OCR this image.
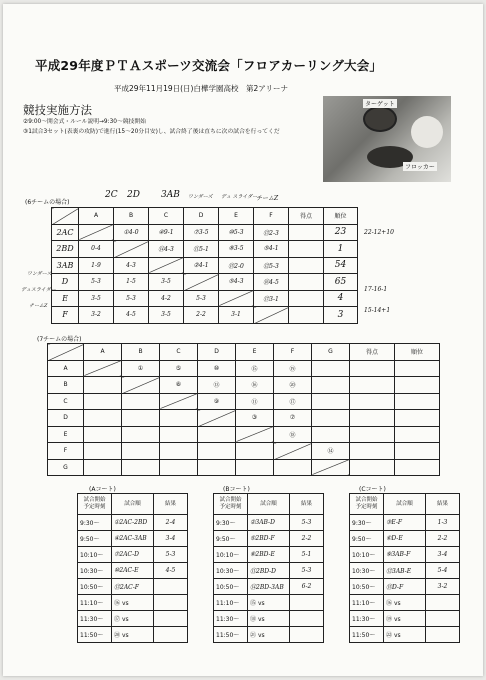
平成29年度ＰＴＡスポーツ交流会「フロアカーリング大会」
平成29年11月19日(日)白樺学園高校　第2アリーナ
競技実施方法
②9:00～開会式・ルール説明→9:30～競技開始
③1試合3セット(表裏の攻防)で進行(15～20分目安)し、試合終了後は直ちに次の試合を行ってくだ
ターゲット
フロッカー
(6チームの場合)
2C 2D 3AB ワンダーズ デュ スライダー
チームZ
	A	B	C	D	E	F	得点	順位
2AC		①4-0	④9-1	⑦3-5	⑩5-3	⑬2-3		23
2BD	0-4		⑭4-3	⑪5-1	⑧3-5	⑤4-1		1
3AB	1-9	4-3		②4-1	⑮2-0	⑫5-3		54
D	5-3	1-5	3-5		⑤4-3	⑯4-5		65
E	3-5	5-3	4-2	5-3		⑰3-1		4
F	3-2	4-5	3-5	2-2	3-1			3
ワンダーズ
デュスライダー
チームZ
22-12+10
17-16-1
15-14+1
(7チームの場合)
	A	B	C	D	E	F	G	得点	順位
A		①	⑤	⑩	⑮	⑲			
B			⑧	⑬	⑯	⑳			
C				⑨	⑪	⑰			
D					③	⑦			
E						⑱			
F							⑭		
G									
(Aコート)	(Bコート)	(Cコート)
試合開始
予定時刻	試合順	結果
9:30～	①2AC-2BD	2-4
9:50～	④2AC-3AB	3-4
10:10～	⑦2AC-D	5-3
10:30～	⑩2AC-E	4-5
10:50～	⑬2AC-F	
11:10～	⑯ vs	
11:30～	⑰ vs	
11:50～	⑳ vs	
試合開始
予定時刻	試合順	結果
9:30～	②3AB-D	5-3
9:50～	⑤2BD-F	2-2
10:10～	⑧2BD-E	5-1
10:30～	⑪2BD-D	5-3
10:50～	⑭2BD-3AB	6-2
11:10～	⑮ vs	
11:30～	⑱ vs	
11:50～	㉑ vs	
試合開始
予定時刻	試合順	結果
9:30～	③E-F	1-3
9:50～	⑥D-E	2-2
10:10～	⑨3AB-F	3-4
10:30～	⑫3AB-E	5-4
10:50～	⑮D-F	3-2
11:10～	⑯ vs	
11:30～	⑲ vs	
11:50～	㉒ vs	
